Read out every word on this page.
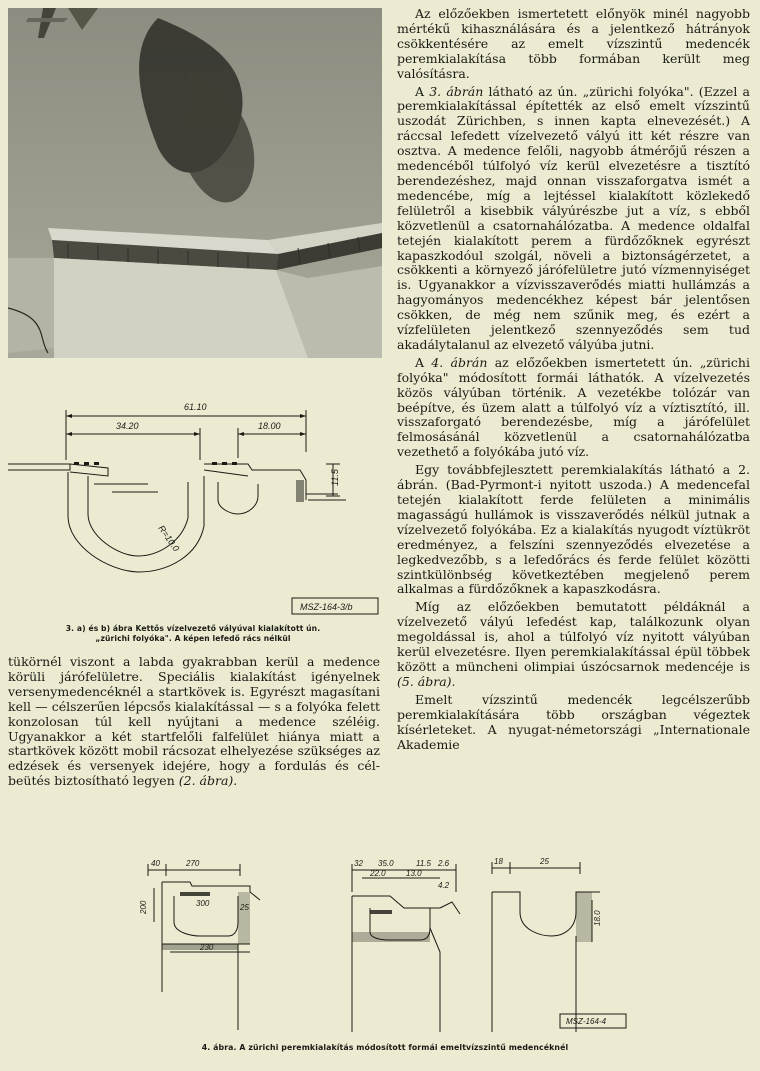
61.10
34.20	18.00
11.5
R=10.0
MSZ-164-3/b
3. a) és b) ábra Kettős vízelvezető vályúval kialakított ún.
„zürichi folyóka". A képen lefedő rács nélkül

tükörnél viszont a labda gyakrabban kerül a medence körüli járófelületre. Speciális kialakítást igényelnek versenymedencéknél a startkövek is. Egyrészt magasítani kell — célszerűen lépcsős kialakítással — s a folyóka felett konzolosan túl kell nyújtani a medence széléig. Ugyanakkor a két startfelőli falfelület hiánya miatt a startkövek között mobil rácsozat elhelyezése szükséges az edzések és versenyek idejére, hogy a fordulás és cél-beütés biztosítható legyen (2. ábra).

Az előzőekben ismertetett előnyök minél nagyobb mértékű kihasználására és a jelentkező hátrányok csökkentésére az emelt vízszintű medencék peremkialakítása több formában került meg valósításra.

A 3. ábrán látható az ún. „zürichi folyóka". (Ezzel a peremkialakítással építették az első emelt vízszintű uszodát Zürichben, s innen kapta elnevezését.) A ráccsal lefedett vízelvezető vályú itt két részre van osztva. A medence felőli, nagyobb átmérőjű részen a medencéből túlfolyó víz kerül elvezetésre a tisztító berendezéshez, majd onnan visszaforgatva ismét a medencébe, míg a lejtéssel kialakított közlekedő felületről a kisebbik vályúrészbe jut a víz, s ebből közvetlenül a csatornahálózatba. A medence oldalfal tetején kialakított perem a fürdőzőknek egyrészt kapaszkodóul szolgál, növeli a biztonságérzetet, a csökkenti a környező járófelületre jutó vízmennyiséget is. Ugyanakkor a vízvisszaverődés miatti hullámzás a hagyományos medencékhez képest bár jelentősen csökken, de még nem szűnik meg, és ezért a vízfelületen jelentkező szennyeződés sem tud akadálytalanul az elvezető vályúba jutni.

A 4. ábrán az előzőekben ismertetett ún. „zürichi folyóka" módosított formái láthatók. A vízelvezetés közös vályúban történik. A vezetékbe tolózár van beépítve, és üzem alatt a túlfolyó víz a víztisztító, ill. visszaforgató berendezésbe, míg a járófelület felmosásánál közvetlenül a csatornahálózatba vezethető a folyókába jutó víz.

Egy továbbfejlesztett peremkialakítás látható a 2. ábrán. (Bad-Pyrmont-i nyitott uszoda.) A medencefal tetején kialakított ferde felületen a minimális magasságú hullámok is visszaverődés nélkül jutnak a vízelvezető folyókába. Ez a kialakítás nyugodt víztükröt eredményez, a felszíni szennyeződés elvezetése a legkedvezőbb, s a lefedőrács és ferde felület közötti szintkülönbség következtében megjelenő perem alkalmas a fürdőzőknek a kapaszkodásra.

Míg az előzőekben bemutatott példáknál a vízelvezető vályú lefedést kap, találkozunk olyan megoldással is, ahol a túlfolyó víz nyitott vályúban kerül elvezetésre. Ilyen peremkialakítással épül többek között a müncheni olimpiai úszócsarnok medencéje is (5. ábra).

Emelt vízszintű medencék legcélszerűbb peremkialakítására több országban végeztek kísérleteket. A nyugat-németországi „Internationale Akademie

40	270
200	300
230
25
32 35.0	11.5 2.6
22.0	13.0
4.2
18	25
18.0
MSZ-164-4
4. ábra. A zürichi peremkialakítás módosított formái emeltvízszintű medencéknél
